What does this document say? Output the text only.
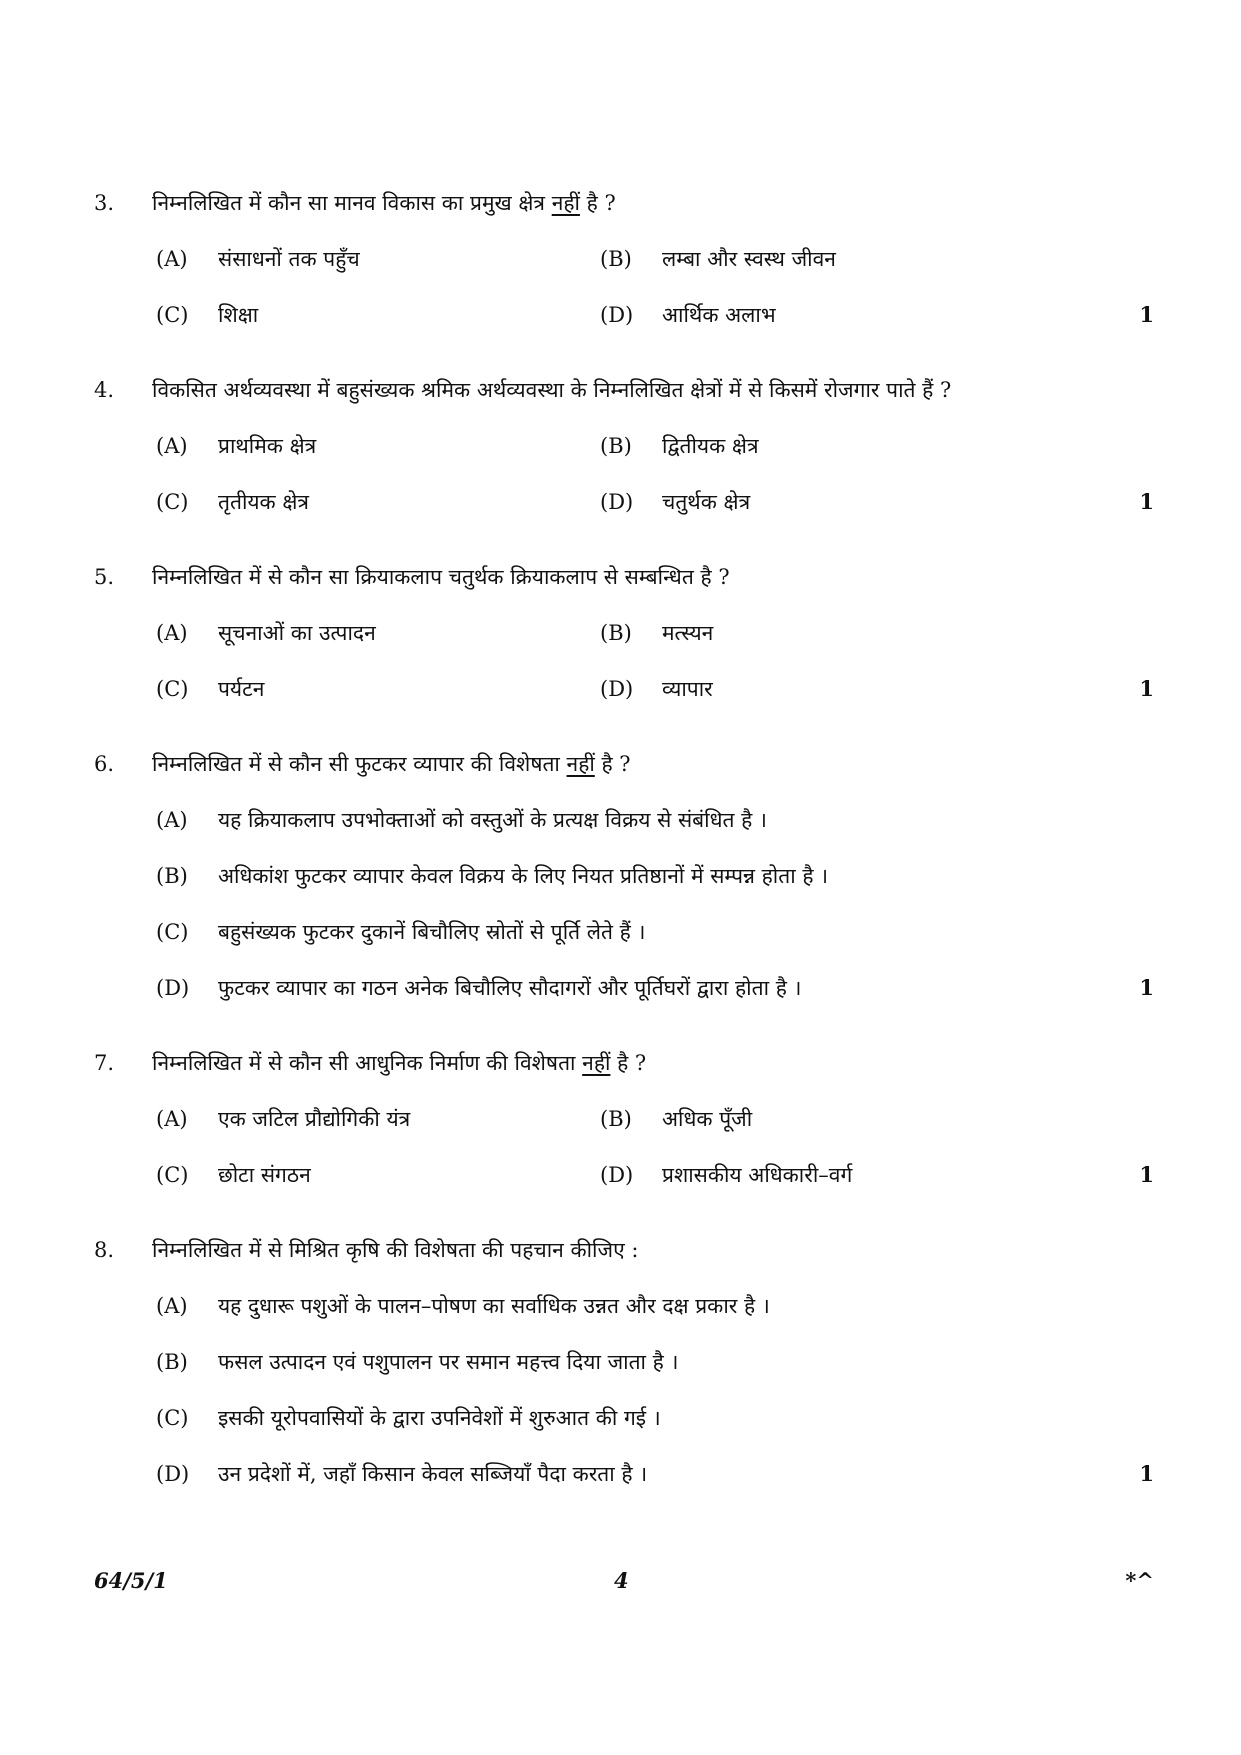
3.	निम्नलिखित में कौन सा मानव विकास का प्रमुख क्षेत्र नहीं है ?
(A)	संसाधनों तक पहुँच	(B)	लम्बा और स्वस्थ जीवन
(C)	शिक्षा	(D)	आर्थिक अलाभ	1
4.	विकसित अर्थव्यवस्था में बहुसंख्यक श्रमिक अर्थव्यवस्था के निम्नलिखित क्षेत्रों में से किसमें रोजगार पाते हैं ?
(A)	प्राथमिक क्षेत्र	(B)	द्वितीयक क्षेत्र
(C)	तृतीयक क्षेत्र	(D)	चतुर्थक क्षेत्र	1
5.	निम्नलिखित में से कौन सा क्रियाकलाप चतुर्थक क्रियाकलाप से सम्बन्धित है ?
(A)	सूचनाओं का उत्पादन	(B)	मत्स्यन
(C)	पर्यटन	(D)	व्यापार	1
6.	निम्नलिखित में से कौन सी फुटकर व्यापार की विशेषता नहीं है ?
(A)	यह क्रियाकलाप उपभोक्ताओं को वस्तुओं के प्रत्यक्ष विक्रय से संबंधित है ।
(B)	अधिकांश फुटकर व्यापार केवल विक्रय के लिए नियत प्रतिष्ठानों में सम्पन्न होता है ।
(C)	बहुसंख्यक फुटकर दुकानें बिचौलिए स्रोतों से पूर्ति लेते हैं ।
(D)	फुटकर व्यापार का गठन अनेक बिचौलिए सौदागरों और पूर्तिघरों द्वारा होता है ।	1
7.	निम्नलिखित में से कौन सी आधुनिक निर्माण की विशेषता नहीं है ?
(A)	एक जटिल प्रौद्योगिकी यंत्र	(B)	अधिक पूँजी
(C)	छोटा संगठन	(D)	प्रशासकीय अधिकारी–वर्ग	1
8.	निम्नलिखित में से मिश्रित कृषि की विशेषता की पहचान कीजिए :
(A)	यह दुधारू पशुओं के पालन–पोषण का सर्वाधिक उन्नत और दक्ष प्रकार है ।
(B)	फसल उत्पादन एवं पशुपालन पर समान महत्त्व दिया जाता है ।
(C)	इसकी यूरोपवासियों के द्वारा उपनिवेशों में शुरुआत की गई ।
(D)	उन प्रदेशों में, जहाँ किसान केवल सब्जियाँ पैदा करता है ।	1
64/5/1	4	*^
